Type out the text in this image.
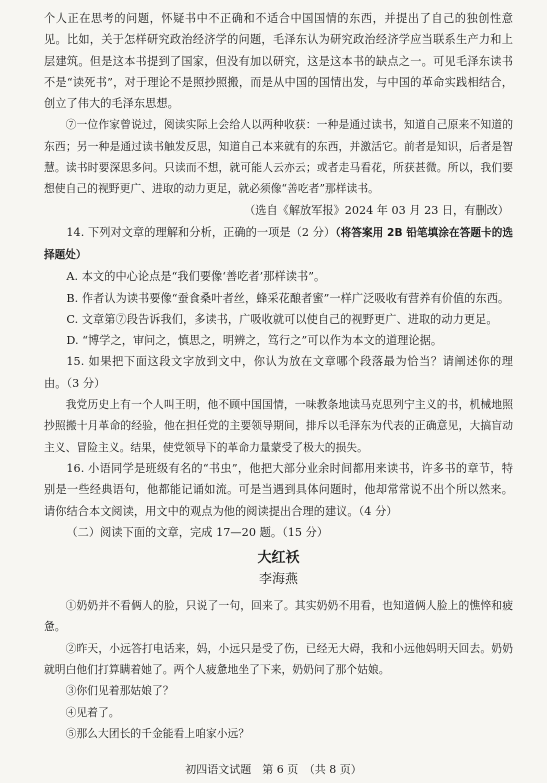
个人正在思考的问题，怀疑书中不正确和不适合中国国情的东西，并提出了自己的独创性意见。比如，关于怎样研究政治经济学的问题，毛泽东认为研究政治经济学应当联系生产力和上层建筑。但是这本书提到了国家，但没有加以研究，这是这本书的缺点之一。可见毛泽东读书不是“读死书”，对于理论不是照抄照搬，而是从中国的国情出发，与中国的革命实践相结合，创立了伟大的毛泽东思想。

⑦一位作家曾说过，阅读实际上会给人以两种收获：一种是通过读书，知道自己原来不知道的东西；另一种是通过读书触发反思，知道自己本来就有的东西，并激活它。前者是知识，后者是智慧。读书时要深思多问。只读而不想，就可能人云亦云；或者走马看花，所获甚微。所以，我们要想使自己的视野更广、进取的动力更足，就必须像“善吃者”那样读书。

（选自《解放军报》2024 年 03 月 23 日，有删改）

14. 下列对文章的理解和分析，正确的一项是（2 分）（将答案用 2B 铅笔填涂在答题卡的选择题处）

A. 本文的中心论点是“我们要像‘善吃者’那样读书”。

B. 作者认为读书要像“蚕食桑叶者丝，蜂采花酿者蜜”一样广泛吸收有营养有价值的东西。

C. 文章第⑦段告诉我们，多读书，广吸收就可以使自己的视野更广、进取的动力更足。

D. “博学之，审问之，慎思之，明辨之，笃行之”可以作为本文的道理论据。

15. 如果把下面这段文字放到文中，你认为放在文章哪个段落最为恰当？请阐述你的理由。（3 分）

我党历史上有一个人叫王明，他不顾中国国情，一味教条地读马克思列宁主义的书，机械地照抄照搬十月革命的经验，他在担任党的主要领导期间，排斥以毛泽东为代表的正确意见，大搞盲动主义、冒险主义。结果，使党领导下的革命力量蒙受了极大的损失。

16. 小语同学是班级有名的“书虫”，他把大部分业余时间都用来读书，许多书的章节，特别是一些经典语句，他都能记诵如流。可是当遇到具体问题时，他却常常说不出个所以然来。请你结合本文阅读，用文中的观点为他的阅读提出合理的建议。（4 分）

（二）阅读下面的文章，完成 17—20 题。（15 分）

大红袄

李海燕

①奶奶并不看俩人的脸，只说了一句，回来了。其实奶奶不用看，也知道俩人脸上的憔悴和疲惫。

②昨天，小远答打电话来，妈，小远只是受了伤，已经无大碍，我和小远他妈明天回去。奶奶就明白他们打算瞒着她了。两个人疲惫地坐了下来，奶奶问了那个姑娘。

③你们见着那姑娘了？

④见着了。

⑤那么大团长的千金能看上咱家小远？

初四语文试题　第 6 页　（共 8 页）
